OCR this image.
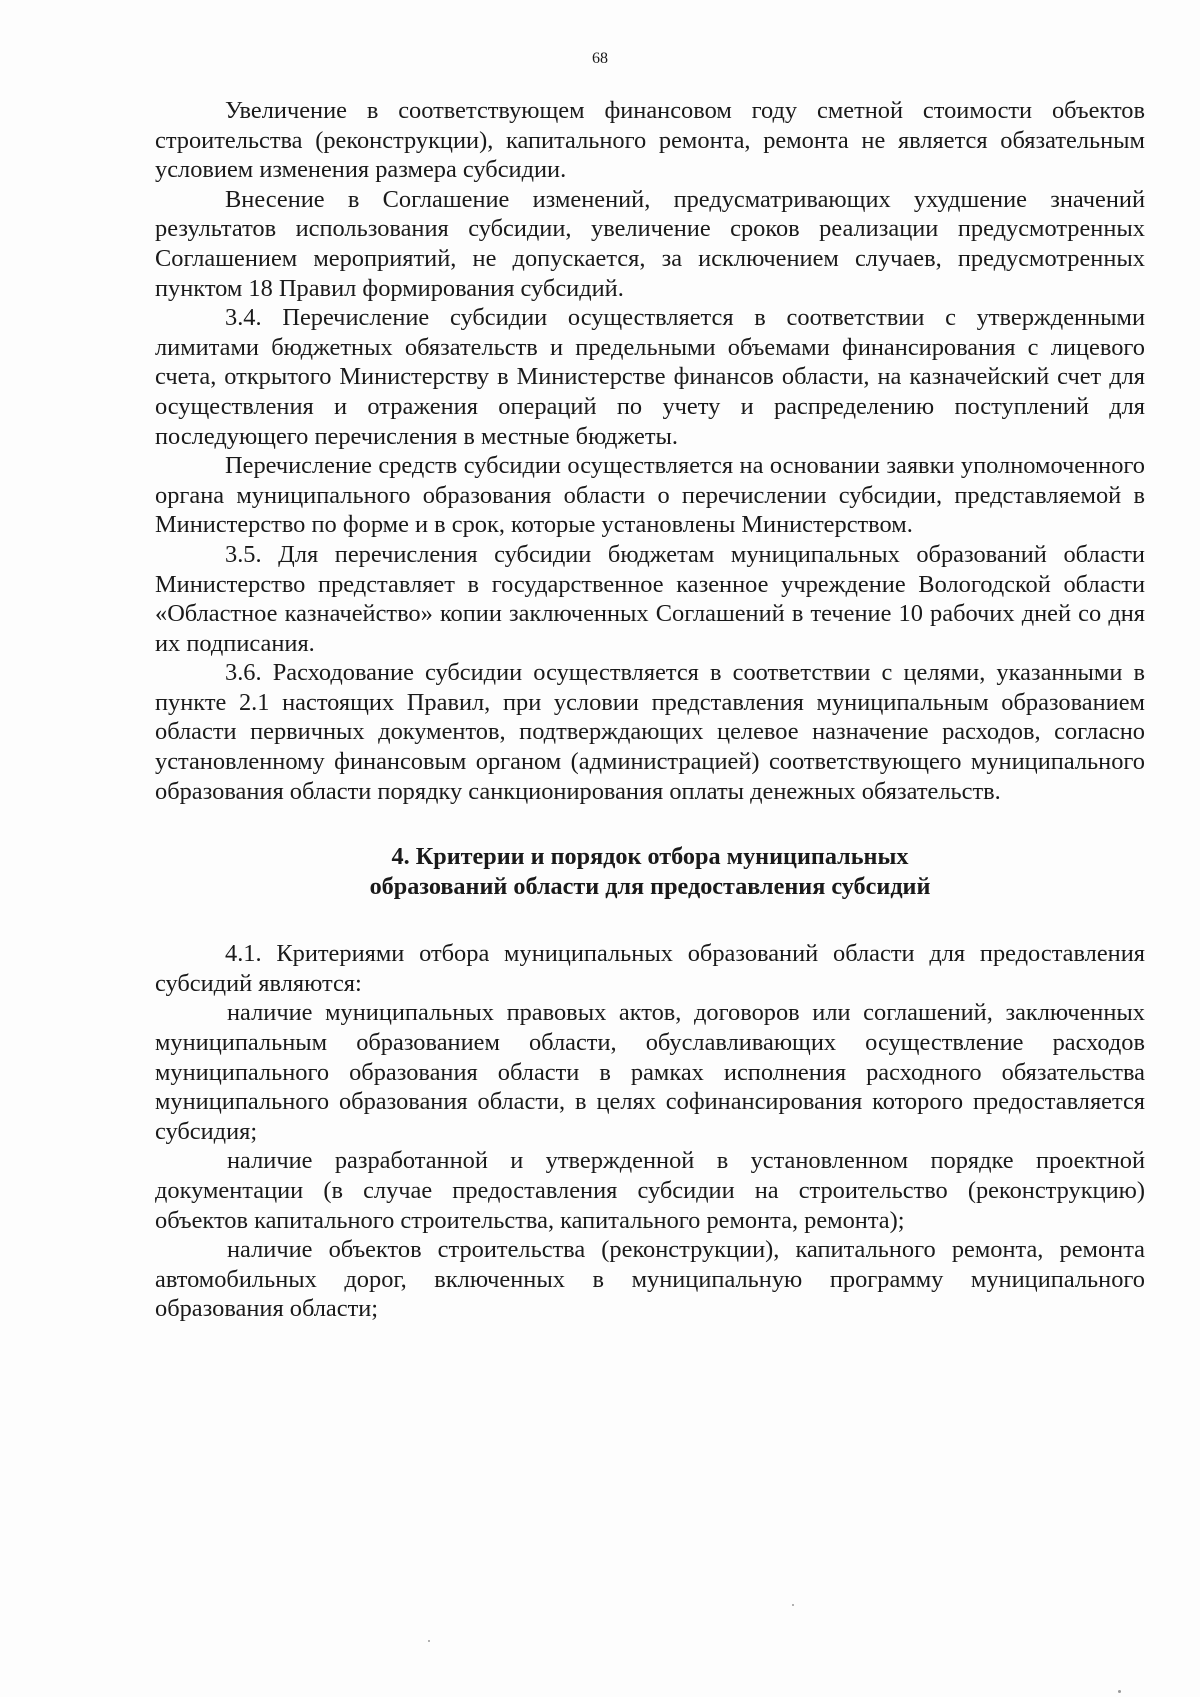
68

Увеличение в соответствующем финансовом году сметной стоимости объектов строительства (реконструкции), капитального ремонта, ремонта не является обязательным условием изменения размера субсидии.

Внесение в Соглашение изменений, предусматривающих ухудшение значений результатов использования субсидии, увеличение сроков реализации предусмотренных Соглашением мероприятий, не допускается, за исключением случаев, предусмотренных пунктом 18 Правил формирования субсидий.

3.4. Перечисление субсидии осуществляется в соответствии с утвержденными лимитами бюджетных обязательств и предельными объемами финансирования с лицевого счета, открытого Министерству в Министерстве финансов области, на казначейский счет для осуществления и отражения операций по учету и распределению поступлений для последующего перечисления в местные бюджеты.

Перечисление средств субсидии осуществляется на основании заявки уполномоченного органа муниципального образования области о перечислении субсидии, представляемой в Министерство по форме и в срок, которые установлены Министерством.

3.5. Для перечисления субсидии бюджетам муниципальных образований области Министерство представляет в государственное казенное учреждение Вологодской области «Областное казначейство» копии заключенных Соглашений в течение 10 рабочих дней со дня их подписания.

3.6. Расходование субсидии осуществляется в соответствии с целями, указанными в пункте 2.1 настоящих Правил, при условии представления муниципальным образованием области первичных документов, подтверждающих целевое назначение расходов, согласно установленному финансовым органом (администрацией) соответствующего муниципального образования области порядку санкционирования оплаты денежных обязательств.

4. Критерии и порядок отбора муниципальных
образований области для предоставления субсидий

4.1. Критериями отбора муниципальных образований области для предоставления субсидий являются:

наличие муниципальных правовых актов, договоров или соглашений, заключенных муниципальным образованием области, обуславливающих осуществление расходов муниципального образования области в рамках исполнения расходного обязательства муниципального образования области, в целях софинансирования которого предоставляется субсидия;

наличие разработанной и утвержденной в установленном порядке проектной документации (в случае предоставления субсидии на строительство (реконструкцию) объектов капитального строительства, капитального ремонта, ремонта);

наличие объектов строительства (реконструкции), капитального ремонта, ремонта автомобильных дорог, включенных в муниципальную программу муниципального образования области;
